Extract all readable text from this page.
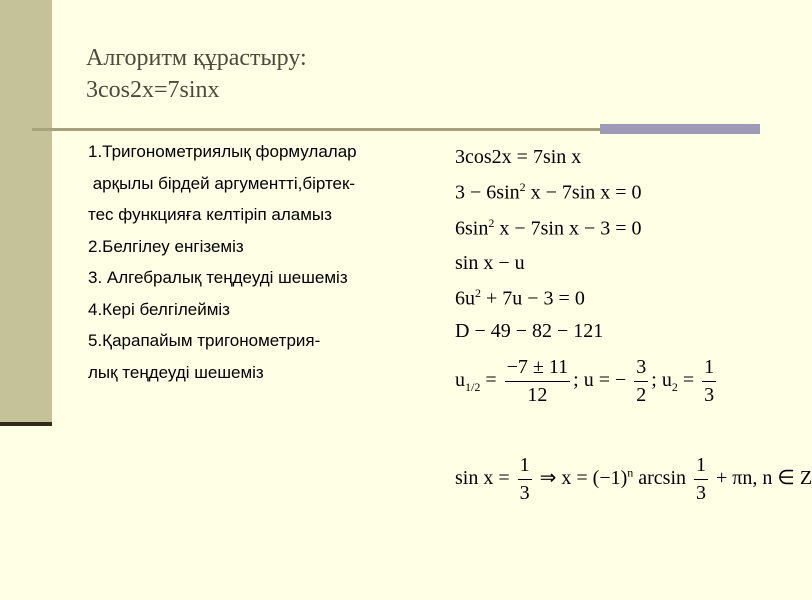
Алгоритм құрастыру:
3cos2x=7sinx
1.Тригонометриялық формулалар
арқылы бірдей аргументті,біртек-
тес функцияға келтіріп аламыз
2.Белгілеу енгіземіз
3. Алгебралық теңдеуді шешеміз
4.Кері белгілейміз
5.Қарапайым тригонометрия-
лық теңдеуді шешеміз
3cos2x = 7sin x
$3 - 6\sin^2$ x − 7sin x = 0
$6\sin^2$ x − 7sin x − 3 = 0
sin x − u
$6u^2 + 7u - 3 = 0$
D − 49 − 82 − 121
$u_{1/2} = \frac{-7 \pm 11}{12}$ ; u = − $\frac{3}{2}$ ; $u_2 = \frac{1}{3}$
$\sin x = \frac{1}{3}$ ⇒ $x = (-1)^n$ $\arcsin \frac{1}{3} + \pi n$, n ∈ Z
